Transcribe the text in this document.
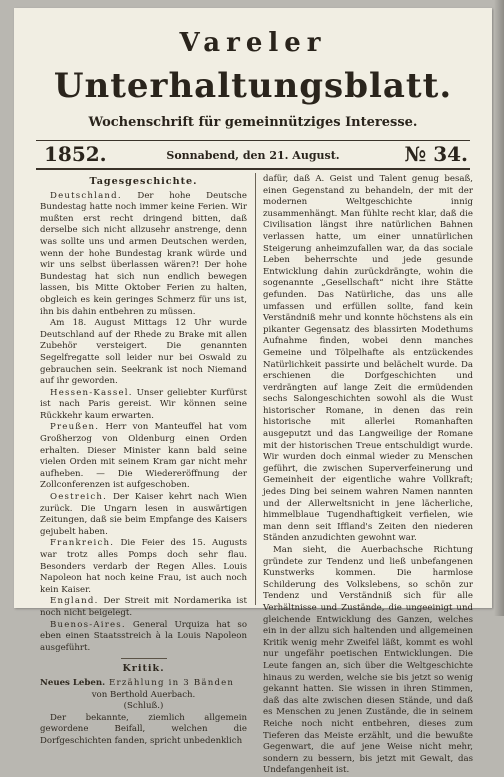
Vareler
Unterhaltungsblatt.
Wochenschrift für gemeinnütziges Interesse.
1852.	Sonnabend, den 21. August.	№ 34.
Tagesgeschichte.

Deutschland. Der hohe Deutsche Bundestag hatte noch immer keine Ferien. Wir mußten erst recht dringend bitten, daß derselbe sich nicht allzusehr anstrenge, denn was sollte uns und armen Deutschen werden, wenn der hohe Bundestag krank würde und wir uns selbst überlassen wären?! Der hohe Bundestag hat sich nun endlich bewegen lassen, bis Mitte Oktober Ferien zu halten, obgleich es kein geringes Schmerz für uns ist, ihn bis dahin entbehren zu müssen.

Am 18. August Mittags 12 Uhr wurde Deutschland auf der Rhede zu Brake mit allen Zubehör versteigert. Die genannten Segelfregatte soll leider nur bei Oswald zu gebrauchen sein. Seekrank ist noch Niemand auf ihr geworden.

Hessen-Kassel. Unser geliebter Kurfürst ist nach Paris gereist. Wir können seine Rückkehr kaum erwarten.

Preußen. Herr von Manteuffel hat vom Großherzog von Oldenburg einen Orden erhalten. Dieser Minister kann bald seine vielen Orden mit seinem Kram gar nicht mehr aufheben. — Die Wiedereröffnung der Zollconferenzen ist aufgeschoben.

Oestreich. Der Kaiser kehrt nach Wien zurück. Die Ungarn lesen in auswärtigen Zeitungen, daß sie beim Empfange des Kaisers gejubelt haben.

Frankreich. Die Feier des 15. Augusts war trotz alles Pomps doch sehr flau. Besonders verdarb der Regen Alles. Louis Napoleon hat noch keine Frau, ist auch noch kein Kaiser.

England. Der Streit mit Nordamerika ist noch nicht beigelegt.

Buenos-Aires. General Urquiza hat so eben einen Staatsstreich à la Louis Napoleon ausgeführt.

Kritik.

Neues Leben. Erzählung in 3 Bänden

von Berthold Auerbach.

(Schluß.)

Der bekannte, ziemlich allgemein gewordene Beifall, welchen die Dorfgeschichten fanden, spricht unbedenklich

dafür, daß A. Geist und Talent genug besaß, einen Gegenstand zu behandeln, der mit der modernen Weltgeschichte innig zusammenhängt. Man fühlte recht klar, daß die Civilisation längst ihre natürlichen Bahnen verlassen hatte, um einer unnatürlichen Steigerung anheimzufallen war, da das sociale Leben beherrschte und jede gesunde Entwicklung dahin zurückdrängte, wohin die sogenannte „Gesellschaft“ nicht ihre Stätte gefunden. Das Natürliche, das uns alle umfassen und erfüllen sollte, fand kein Verständniß mehr und konnte höchstens als ein pikanter Gegensatz des blassirten Modethums Aufnahme finden, wobei denn manches Gemeine und Tölpelhafte als entzückendes Natürlichkeit passirte und belächelt wurde. Da erschienen die Dorfgeschichten und verdrängten auf lange Zeit die ermüdenden sechs Salongeschichten sowohl als die Wust historischer Romane, in denen das rein historische mit allerlei Romanhaften ausgeputzt und das Langweilige der Romane mit der historischen Treue entschuldigt wurde. Wir wurden doch einmal wieder zu Menschen geführt, die zwischen Superverfeinerung und Gemeinheit der eigentliche wahre Vollkraft; jedes Ding bei seinem wahren Namen nannten und der Allerweltsnicht in jene lächerliche, himmelblaue Tugendhaftigkeit verfielen, wie man denn seit Iffland's Zeiten den niederen Ständen anzudichten gewohnt war.

Man sieht, die Auerbachsche Richtung gründete zur Tendenz und ließ unbefangenen Kunstwerks kommen. Die harmlose Schilderung des Volkslebens, so schön zur Tendenz und Verständniß sich für alle Verhältnisse und Zustände, die ungeeinigt und gleichende Entwicklung des Ganzen, welches ein in der allzu sich haltenden und allgemeinen Kritik wenig mehr Zweifel läßt, kommt es wohl nur ungefähr poetischen Entwicklungen. Die Leute fangen an, sich über die Weltgeschichte hinaus zu werden, welche sie bis jetzt so wenig gekannt hatten. Sie wissen in ihren Stimmen, daß das alte zwischen diesen Stände, und daß es Menschen zu jenen Zustände, die in seinem Reiche noch nicht entbehren, dieses zum Tieferen das Meiste erzählt, und die bewußte Gegenwart, die auf jene Weise nicht mehr, sondern zu bessern, bis jetzt mit Gewalt, das Undefangenheit ist.
